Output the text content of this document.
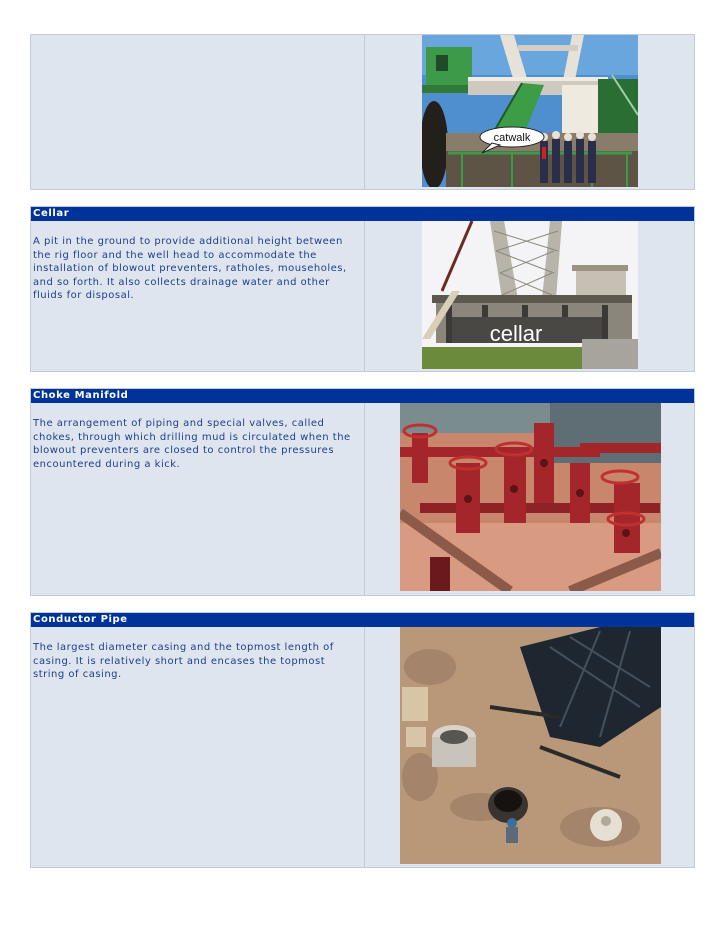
catwalk
Cellar

A pit in the ground to provide additional height between the rig floor and the well head to accommodate the installation of blowout preventers, ratholes, mouseholes, and so forth. It also collects drainage water and other fluids for disposal.

cellar
Choke Manifold

The arrangement of piping and special valves, called chokes, through which drilling mud is circulated when the blowout preventers are closed to control the pressures encountered during a kick.

Conductor Pipe

The largest diameter casing and the topmost length of casing. It is relatively short and encases the topmost string of casing.
